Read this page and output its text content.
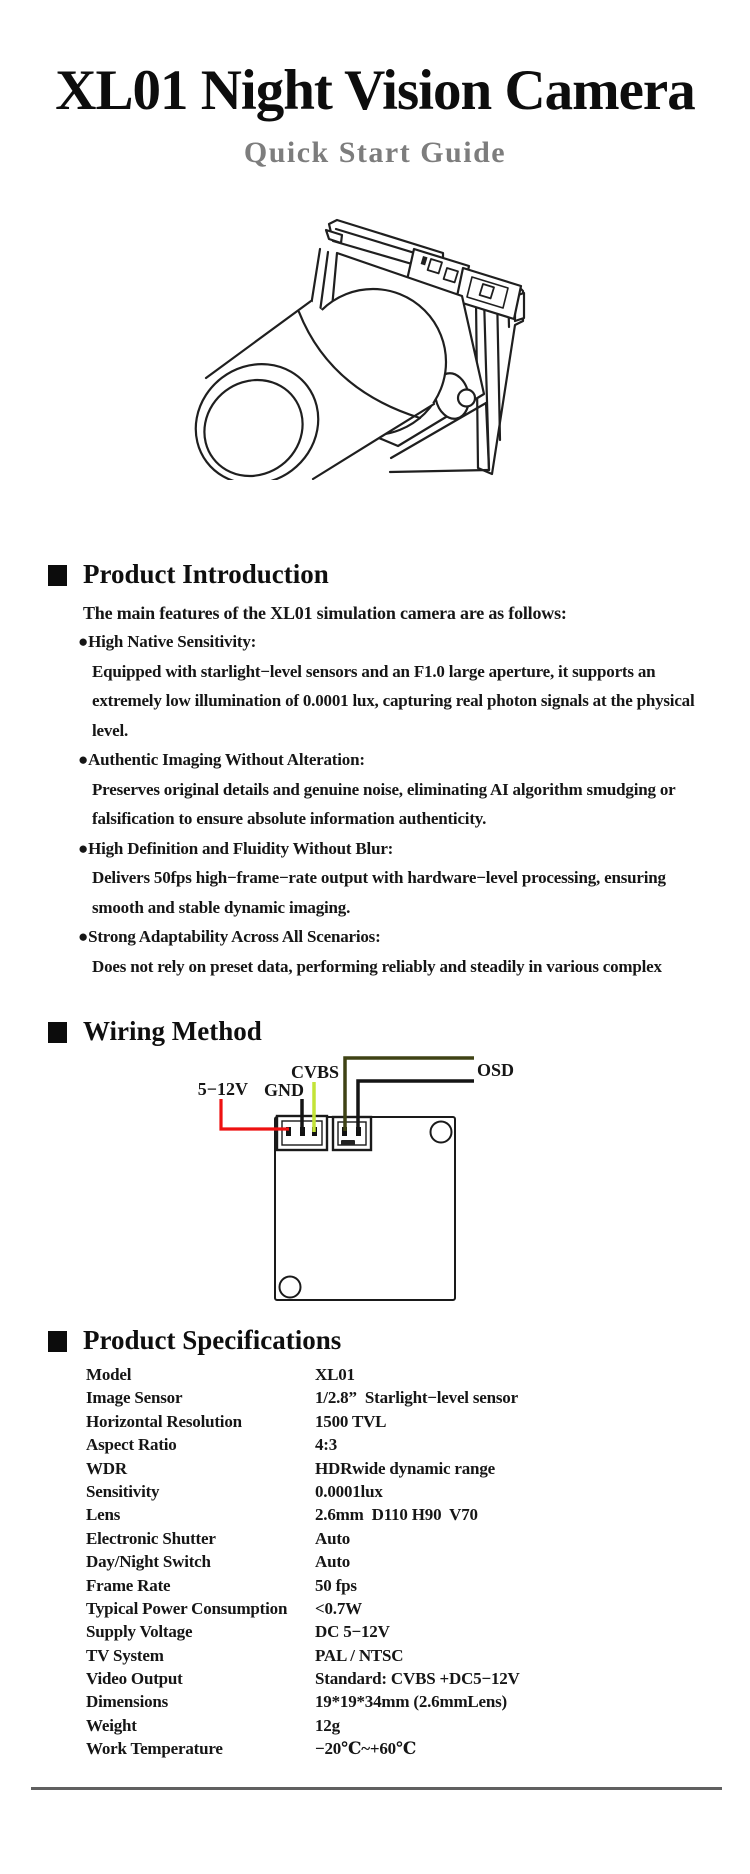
XL01 Night Vision Camera
Quick Start Guide
Product Introduction
The main features of the XL01 simulation camera are as follows:
●High Native Sensitivity:
Equipped with starlight−level sensors and an F1.0 large aperture, it supports an
extremely low illumination of 0.0001 lux, capturing real photon signals at the physical
level.
●Authentic Imaging Without Alteration:
Preserves original details and genuine noise, eliminating AI algorithm smudging or
falsification to ensure absolute information authenticity.
●High Definition and Fluidity Without Blur:
Delivers 50fps high−frame−rate output with hardware−level processing, ensuring
smooth and stable dynamic imaging.
●Strong Adaptability Across All Scenarios:
Does not rely on preset data, performing reliably and steadily in various complex
Wiring Method
5−12V GND
CVBS	OSD
Product Specifications
Model	XL01
Image Sensor	1/2.8”  Starlight−level sensor
Horizontal Resolution	1500 TVL
Aspect Ratio	4:3
WDR	HDRwide dynamic range
Sensitivity	0.0001lux
Lens	2.6mm  D110 H90  V70
Electronic Shutter	Auto
Day/Night Switch	Auto
Frame Rate	50 fps
Typical Power Consumption	<0.7W
Supply Voltage	DC 5−12V
TV System	PAL / NTSC
Video Output	Standard: CVBS +DC5−12V
Dimensions	19*19*34mm (2.6mmLens)
Weight	12g
Work Temperature	−20℃~+60℃
